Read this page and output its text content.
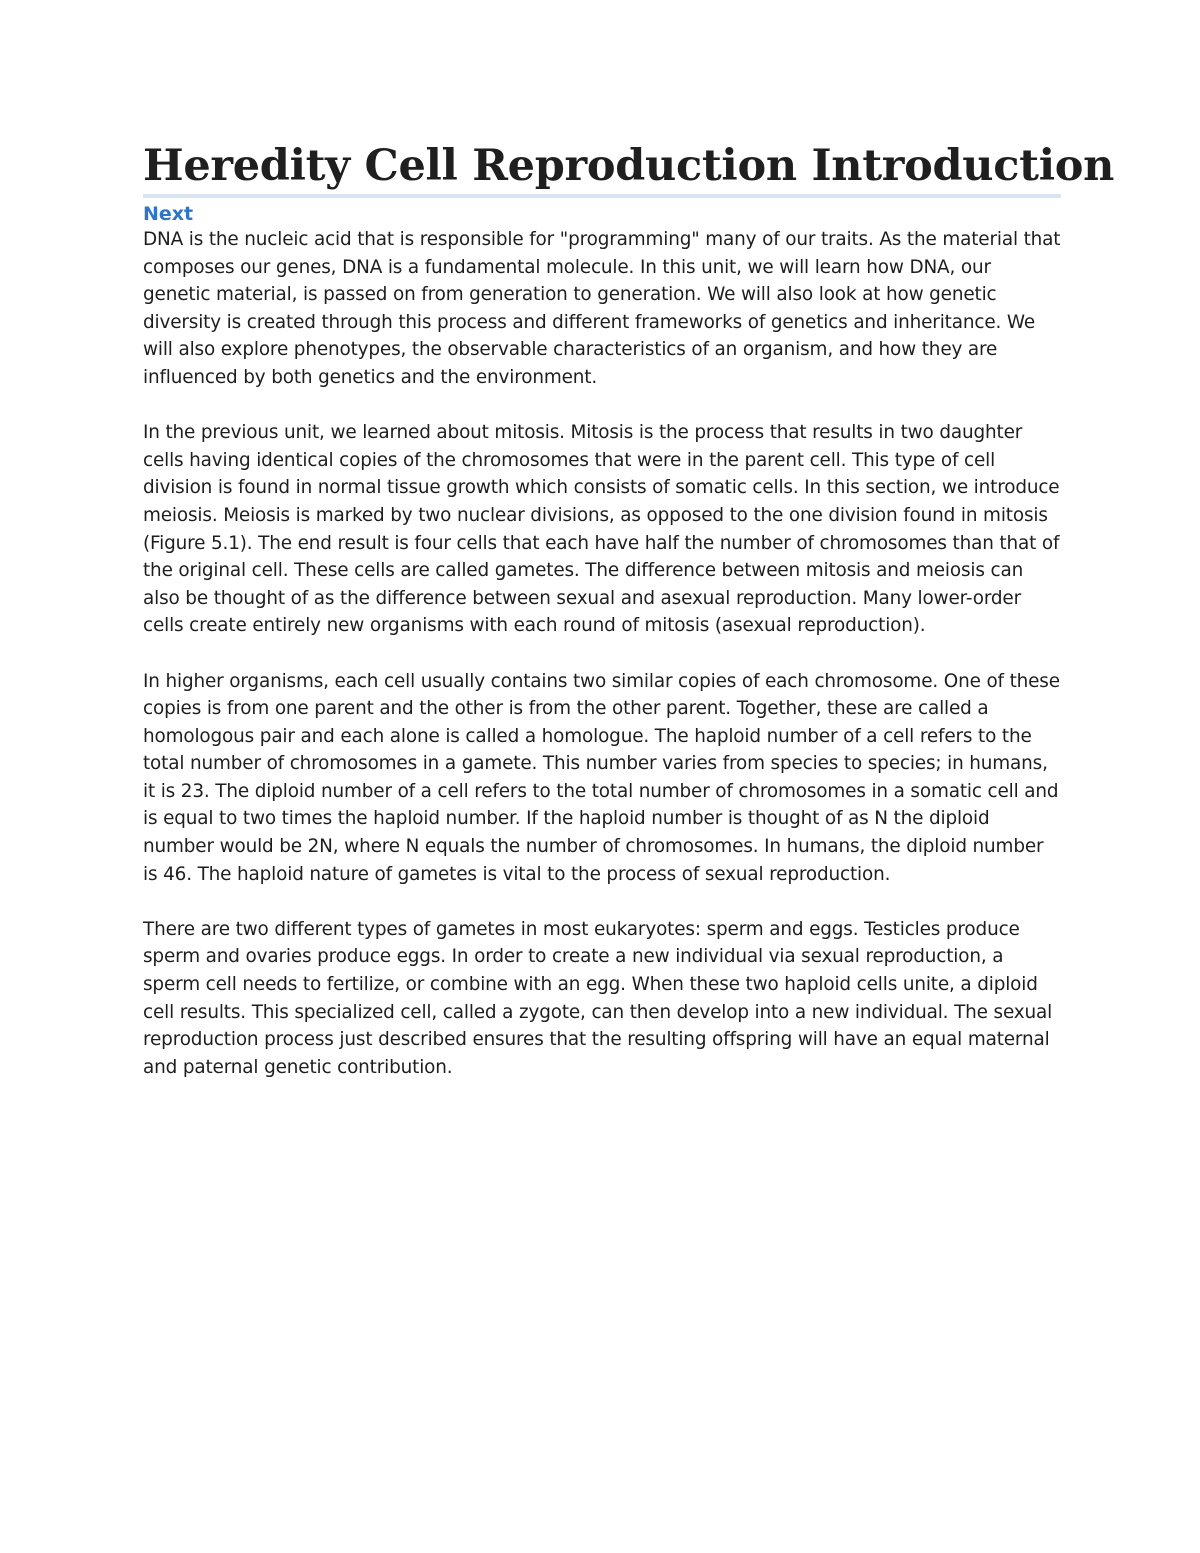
Heredity Cell Reproduction Introduction
Next

DNA is the nucleic acid that is responsible for "programming" many of our traits. As the material that composes our genes, DNA is a fundamental molecule. In this unit, we will learn how DNA, our genetic material, is passed on from generation to generation. We will also look at how genetic diversity is created through this process and different frameworks of genetics and inheritance. We will also explore phenotypes, the observable characteristics of an organism, and how they are influenced by both genetics and the environment.

In the previous unit, we learned about mitosis. Mitosis is the process that results in two daughter cells having identical copies of the chromosomes that were in the parent cell. This type of cell division is found in normal tissue growth which consists of somatic cells. In this section, we introduce meiosis. Meiosis is marked by two nuclear divisions, as opposed to the one division found in mitosis (Figure 5.1). The end result is four cells that each have half the number of chromosomes than that of the original cell. These cells are called gametes. The difference between mitosis and meiosis can also be thought of as the difference between sexual and asexual reproduction. Many lower-order cells create entirely new organisms with each round of mitosis (asexual reproduction).

In higher organisms, each cell usually contains two similar copies of each chromosome. One of these copies is from one parent and the other is from the other parent. Together, these are called a homologous pair and each alone is called a homologue. The haploid number of a cell refers to the total number of chromosomes in a gamete. This number varies from species to species; in humans, it is 23. The diploid number of a cell refers to the total number of chromosomes in a somatic cell and is equal to two times the haploid number. If the haploid number is thought of as N the diploid number would be 2N, where N equals the number of chromosomes. In humans, the diploid number is 46. The haploid nature of gametes is vital to the process of sexual reproduction.

There are two different types of gametes in most eukaryotes: sperm and eggs. Testicles produce sperm and ovaries produce eggs. In order to create a new individual via sexual reproduction, a sperm cell needs to fertilize, or combine with an egg. When these two haploid cells unite, a diploid cell results. This specialized cell, called a zygote, can then develop into a new individual. The sexual reproduction process just described ensures that the resulting offspring will have an equal maternal and paternal genetic contribution.
